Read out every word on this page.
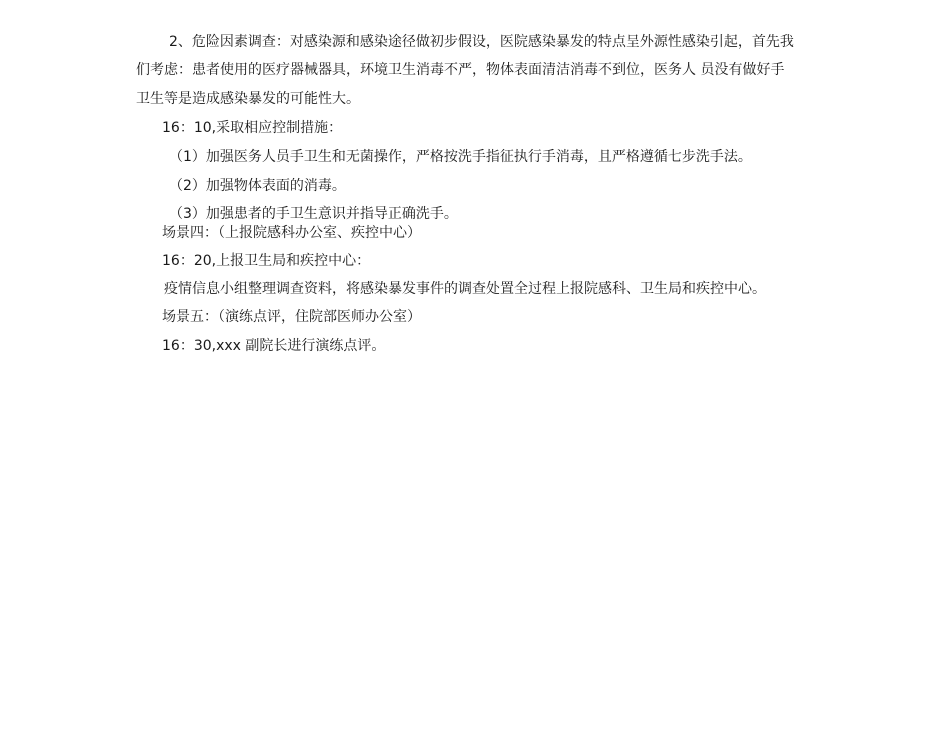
2、危险因素调查：对感染源和感染途径做初步假设，医院感染暴发的特点呈外源性感染引起，首先我
们考虑：患者使用的医疗器械器具，环境卫生消毒不严，物体表面清洁消毒不到位，医务人 员没有做好手
卫生等是造成感染暴发的可能性大。
16：10,采取相应控制措施：
（1）加强医务人员手卫生和无菌操作，严格按洗手指征执行手消毒，且严格遵循七步洗手法。
（2）加强物体表面的消毒。
（3）加强患者的手卫生意识并指导正确洗手。
场景四：（上报院感科办公室、疾控中心）
16：20,上报卫生局和疾控中心：
疫情信息小组整理调查资料，将感染暴发事件的调查处置全过程上报院感科、卫生局和疾控中心。
场景五：（演练点评，住院部医师办公室）
16：30,xxx 副院长进行演练点评。
